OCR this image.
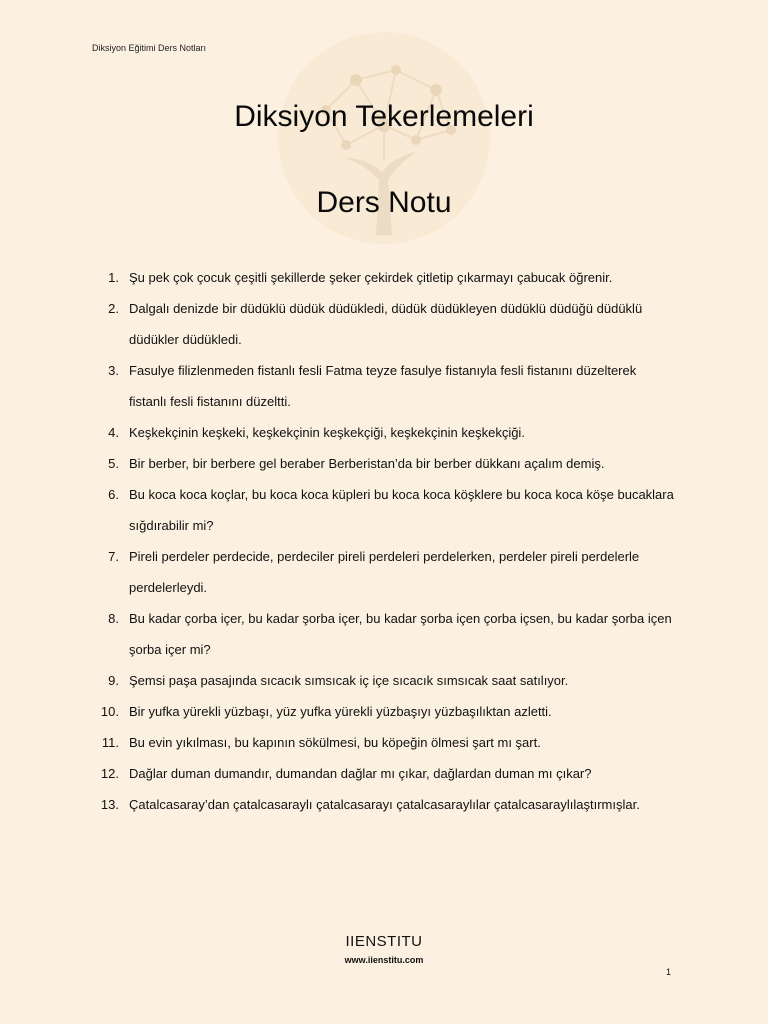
Diksiyon Eğitimi Ders Notları
Diksiyon Tekerlemeleri
Ders Notu
1. Şu pek çok çocuk çeşitli şekillerde şeker çekirdek çitletip çıkarmayı çabucak öğrenir.
2. Dalgalı denizde bir düdüklü düdük düdükledi, düdük düdükleyen düdüklü düdüğü düdüklü düdükler düdükledi.
3. Fasulye filizlenmeden fistanlı fesli Fatma teyze fasulye fistanıyla fesli fistanını düzelterek fistanlı fesli fistanını düzeltti.
4. Keşkekçinin keşkeki, keşkekçinin keşkekçiği, keşkekçinin keşkekçiği.
5. Bir berber, bir berbere gel beraber Berberistan’da bir berber dükkanı açalım demiş.
6. Bu koca koca koçlar, bu koca koca küpleri bu koca koca köşklere bu koca koca köşe bucaklara sığdırabilir mi?
7. Pireli perdeler perdecide, perdeciler pireli perdeleri perdelerken, perdeler pireli perdelerle perdelerleydi.
8. Bu kadar çorba içer, bu kadar şorba içer, bu kadar şorba içen çorba içsen, bu kadar şorba içen şorba içer mi?
9. Şemsi paşa pasajında sıcacık sımsıcak iç içe sıcacık sımsıcak saat satılıyor.
10. Bir yufka yürekli yüzbaşı, yüz yufka yürekli yüzbaşıyı yüzbaşılıktan azletti.
11. Bu evin yıkılması, bu kapının sökülmesi, bu köpeğin ölmesi şart mı şart.
12. Dağlar duman dumandır, dumandan dağlar mı çıkar, dağlardan duman mı çıkar?
13. Çatalcasaray’dan çatalcasaraylı çatalcasarayı çatalcasaraylılar çatalcasaraylılaştırmışlar.
IIENSTITU
www.iienstitu.com
1
